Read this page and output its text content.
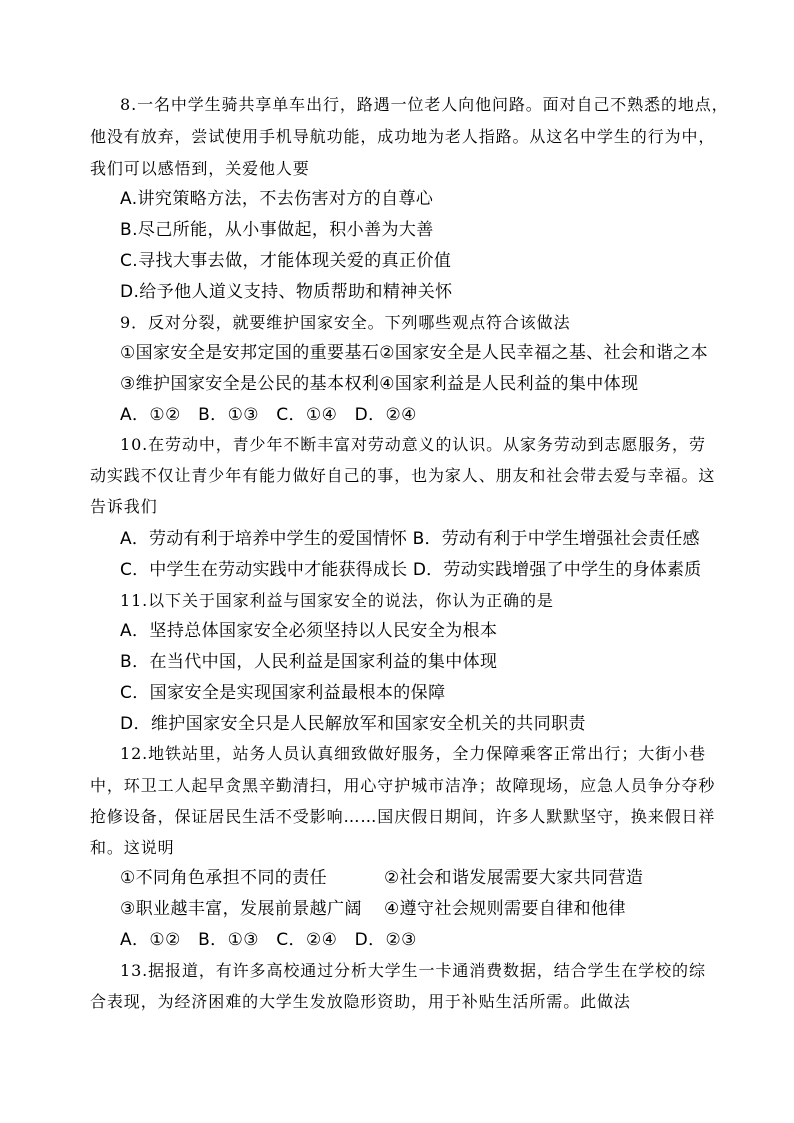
8.一名中学生骑共享单车出行，路遇一位老人向他问路。面对自己不熟悉的地点，
他没有放弃，尝试使用手机导航功能，成功地为老人指路。从这名中学生的行为中，
我们可以感悟到，关爱他人要
A.讲究策略方法，不去伤害对方的自尊心
B.尽己所能，从小事做起，积小善为大善
C.寻找大事去做，才能体现关爱的真正价值
D.给予他人道义支持、物质帮助和精神关怀
9．反对分裂，就要维护国家安全。下列哪些观点符合该做法
①国家安全是安邦定国的重要基石②国家安全是人民幸福之基、社会和谐之本
③维护国家安全是公民的基本权利④国家利益是人民利益的集中体现
A．①②   B．①③   C．①④   D．②④
10.在劳动中，青少年不断丰富对劳动意义的认识。从家务劳动到志愿服务，劳
动实践不仅让青少年有能力做好自己的事，也为家人、朋友和社会带去爱与幸福。这
告诉我们
A．劳动有利于培养中学生的爱国情怀 B．劳动有利于中学生增强社会责任感
C．中学生在劳动实践中才能获得成长 D．劳动实践增强了中学生的身体素质
11.以下关于国家利益与国家安全的说法，你认为正确的是
A．坚持总体国家安全必须坚持以人民安全为根本
B．在当代中国，人民利益是国家利益的集中体现
C．国家安全是实现国家利益最根本的保障
D．维护国家安全只是人民解放军和国家安全机关的共同职责
12.地铁站里，站务人员认真细致做好服务，全力保障乘客正常出行；大街小巷
中，环卫工人起早贪黑辛勤清扫，用心守护城市洁净；故障现场，应急人员争分夺秒
抢修设备，保证居民生活不受影响……国庆假日期间，许多人默默坚守，换来假日祥
和。这说明
①不同角色承担不同的责任	②社会和谐发展需要大家共同营造
③职业越丰富，发展前景越广阔 ④遵守社会规则需要自律和他律
A．①②   B．①③   C．②④   D．②③
13.据报道，有许多高校通过分析大学生一卡通消费数据，结合学生在学校的综
合表现，为经济困难的大学生发放隐形资助，用于补贴生活所需。此做法
